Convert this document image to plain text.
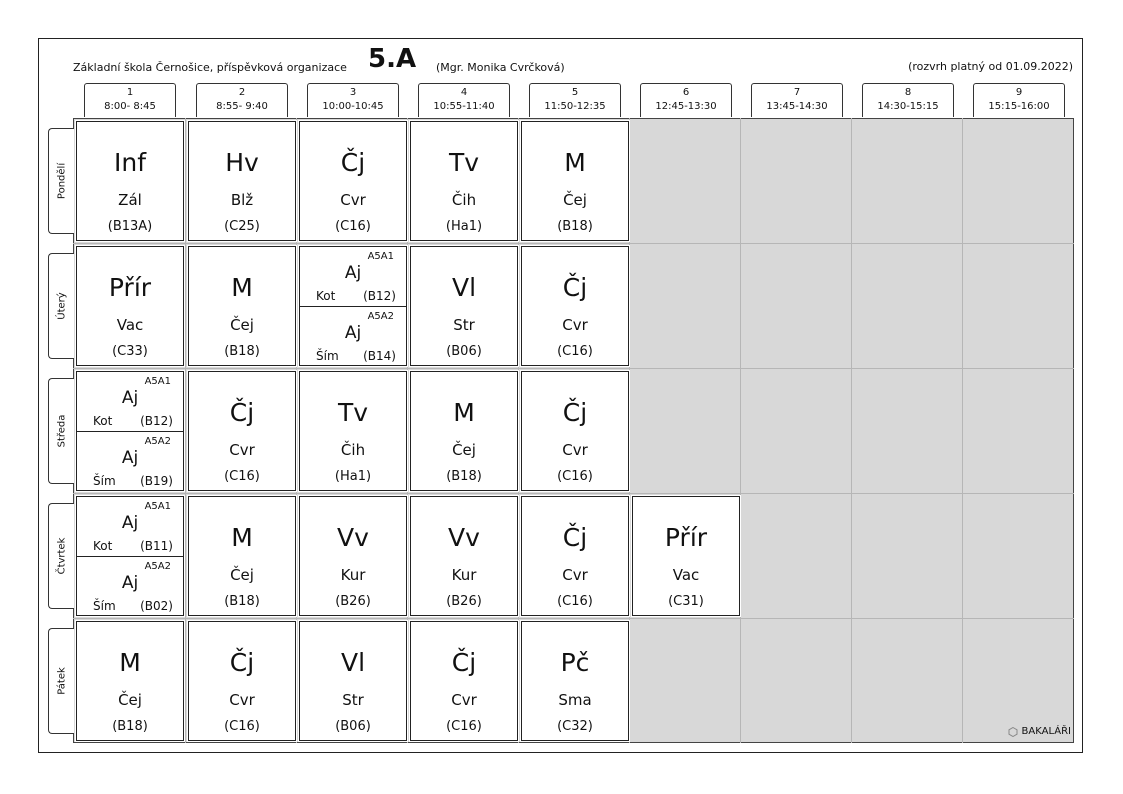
Základní škola Černošice, příspěvková organizace 5.A (Mgr. Monika Cvrčková)	(rozvrh platný od 01.09.2022)
1
8:00- 8:45
2
8:55- 9:40
3
10:00-10:45
4
10:55-11:40
5
11:50-12:35
6
12:45-13:30
7
13:45-14:30
8
14:30-15:15
9
15:15-16:00
Pondělí
Úterý
Středa
Čtvrtek
Pátek
Inf
Zál
(B13A)
Hv
Blž
(C25)
Čj
Cvr
(C16)
Tv
Čih
(Ha1)
M
Čej
(B18)
Přír
Vac
(C33)
M
Čej
(B18)
A5A1
Aj
Kot (B12)
A5A2
Aj
Ším (B14)
Vl
Str
(B06)
Čj
Cvr
(C16)
A5A1
Aj
Kot (B12)
A5A2
Aj
Ším (B19)
Čj
Cvr
(C16)
Tv
Čih
(Ha1)
M
Čej
(B18)
Čj
Cvr
(C16)
A5A1
Aj
Kot (B11)
A5A2
Aj
Ším (B02)
M
Čej
(B18)
Vv
Kur
(B26)
Vv
Kur
(B26)
Čj
Cvr
(C16)
Přír
Vac
(C31)
M
Čej
(B18)
Čj
Cvr
(C16)
Vl
Str
(B06)
Čj
Cvr
(C16)
Pč
Sma
(C32)	BAKALÁŘI
